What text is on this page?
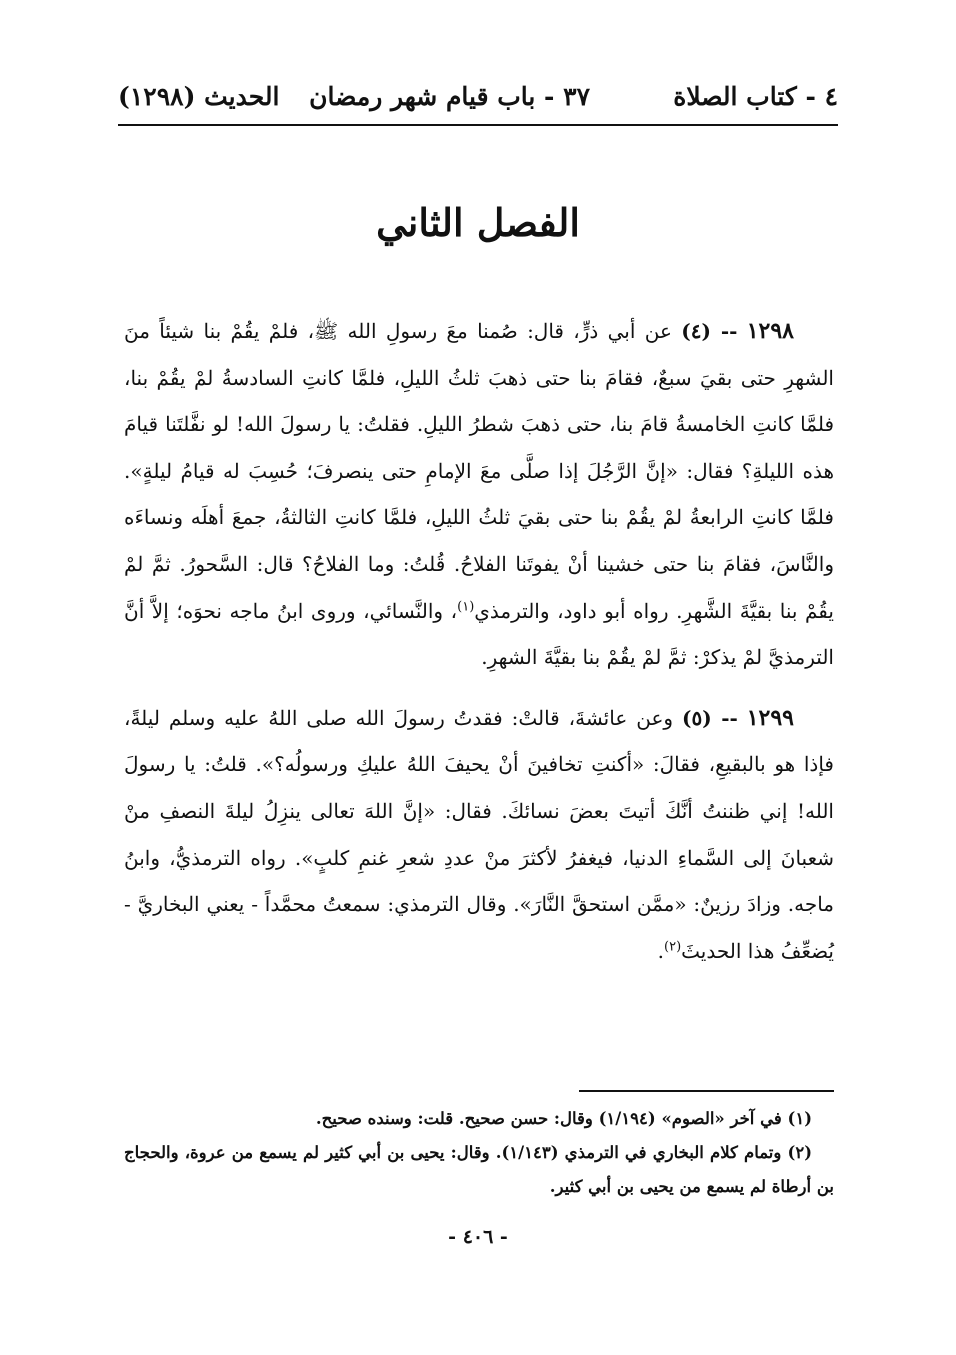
٤ - كتاب الصلاة
٣٧ - باب قيام شهر رمضان
الحديث (١٢٩٨)
الفصل الثاني

١٢٩٨ -- (٤) عن أبي ذرٍّ، قال: صُمنا معَ رسولِ الله ﷺ، فلمْ يقُمْ بنا شيئاً منَ الشهرِ حتى بقيَ سبعٌ، فقامَ بنا حتى ذهبَ ثلثُ الليلِ، فلمَّا كانتِ السادسةُ لمْ يقُمْ بنا، فلمَّا كانتِ الخامسةُ قامَ بنا، حتى ذهبَ شطرُ الليلِ. فقلتُ: يا رسولَ الله! لو نفَّلتَنا قيامَ هذه الليلةِ؟ فقال: «إنَّ الرَّجُلَ إذا صلَّى معَ الإمامِ حتى ينصرفَ؛ حُسِبَ له قيامُ ليلةٍ». فلمَّا كانتِ الرابعةُ لمْ يقُمْ بنا حتى بقيَ ثلثُ الليلِ، فلمَّا كانتِ الثالثةُ، جمعَ أهلَه ونساءَه والنَّاسَ، فقامَ بنا حتى خشينا أنْ يفوتَنا الفلاحُ. قُلتُ: وما الفلاحُ؟ قال: السَّحورُ. ثمَّ لمْ يقُمْ بنا بقيَّةَ الشَّهرِ. رواه أبو داود، والترمذي$^{(١)}$، والنَّسائي، وروى ابنُ ماجه نحوَه؛ إلاَّ أنَّ الترمذيَّ لمْ يذكرْ: ثمَّ لمْ يقُمْ بنا بقيَّةَ الشهرِ.

١٢٩٩ -- (٥) وعن عائشةَ، قالتْ: فقدتُ رسولَ الله صلى اللهُ عليه وسلم ليلةً، فإذا هو بالبقيعِ، فقالَ: «أكنتِ تخافينَ أنْ يحيفَ اللهُ عليكِ ورسولُه؟». قلتُ: يا رسولَ الله! إني ظننتُ أنَّكَ أتيتَ بعضَ نسائكَ. فقال: «إنَّ اللهَ تعالى ينزِلُ ليلةَ النصفِ منْ شعبانَ إلى السَّماءِ الدنيا، فيغفرُ لأكثرَ منْ عددِ شعرِ غنمِ كلبٍ». رواه الترمذيُّ، وابنُ ماجه. وزادَ رزينٌ: «ممَّن استحقَّ النَّارَ». وقال الترمذي: سمعتُ محمَّداً - يعني البخاريَّ - يُضعِّفُ هذا الحديثَ$^{(٢)}$.

(١) في آخر «الصوم» (١/١٩٤) وقال: حسن صحيح. قلت: وسنده صحيح.

(٢) وتمام كلام البخاري في الترمذي (١/١٤٣). وقال: يحيى بن أبي كثير لم يسمع من عروة، والحجاج بن أرطاة لم يسمع من يحيى بن أبي كثير.

- ٤٠٦ -
